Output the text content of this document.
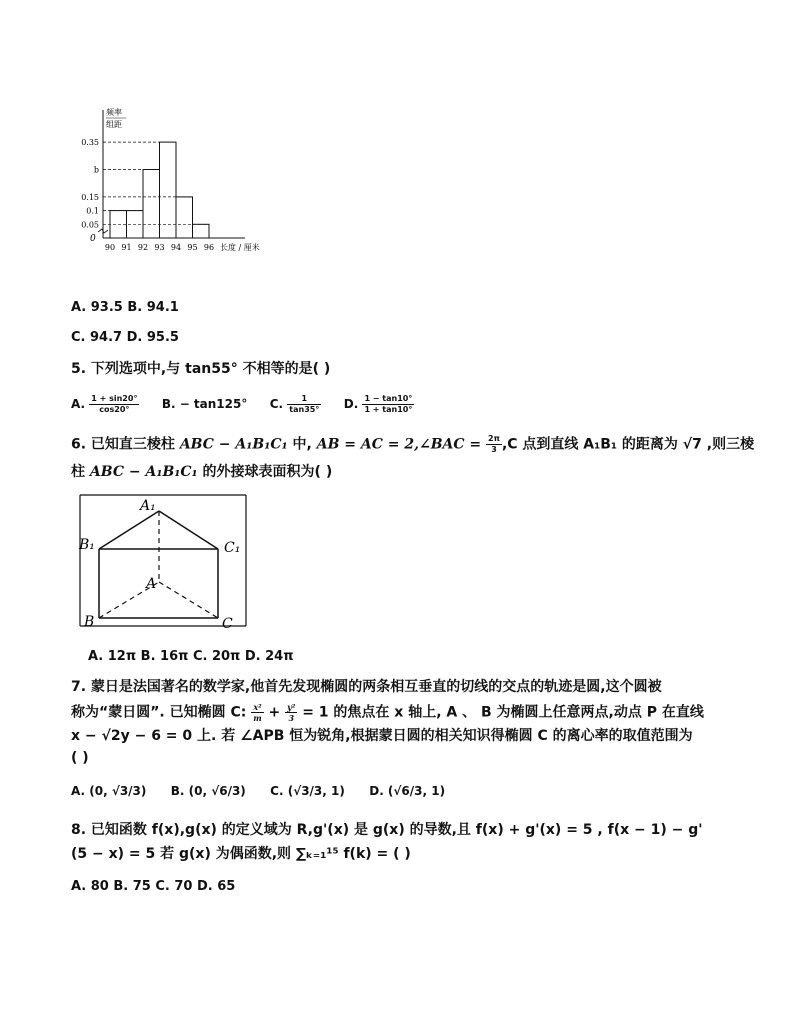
频率
组距
0.05
0.1
0.15
b
0.35
90 91 92 93 94 95 96
0
长度 / 厘米
A. 93.5 B. 94.1
C. 94.7 D. 95.5
5. 下列选项中,与 tan55° 不相等的是( )
A. $\frac{1 + \sin 20^\circ}{\cos 20^\circ} B$. − tan125° C. $\frac{1}{\tan 35^\circ} D$. $\frac{1 - \tan 10^\circ}{1 + \tan 10^\circ}$
6. 已知直三棱柱 ABC − A₁B₁C₁ 中, AB = AC = 2,∠BAC = $\frac{2\pi}{3} ,C$ 点到直线 A₁B₁ 的距离为 √7 ,则三棱
柱 ABC − A₁B₁C₁ 的外接球表面积为( )
A₁
B₁	C₁
A
B	C
A. 12π B. 16π C. 20π D. 24π
7. 蒙日是法国著名的数学家,他首先发现椭圆的两条相互垂直的切线的交点的轨迹是圆,这个圆被
称为“蒙日圆”. 已知椭圆 C: $\frac{\text{x²}}{m} + \frac{\text{y²}}{3} = 1$ 的焦点在 x 轴上, A 、 B 为椭圆上任意两点,动点 P 在直线
x − √2y − 6 = 0 上. 若 ∠APB 恒为锐角,根据蒙日圆的相关知识得椭圆 C 的离心率的取值范围为
( )
A. (0, √3/3) B. (0, √6/3) C. (√3/3, 1) D. (√6/3, 1)
8. 已知函数 f(x),g(x) 的定义域为 R,g'(x) 是 g(x) 的导数,且 f(x) + g'(x) = 5 , f(x − 1) − g'
(5 − x) = 5 若 g(x) 为偶函数,则 ∑ₖ₌₁¹⁵ f(k) = ( )
A. 80 B. 75 C. 70 D. 65
